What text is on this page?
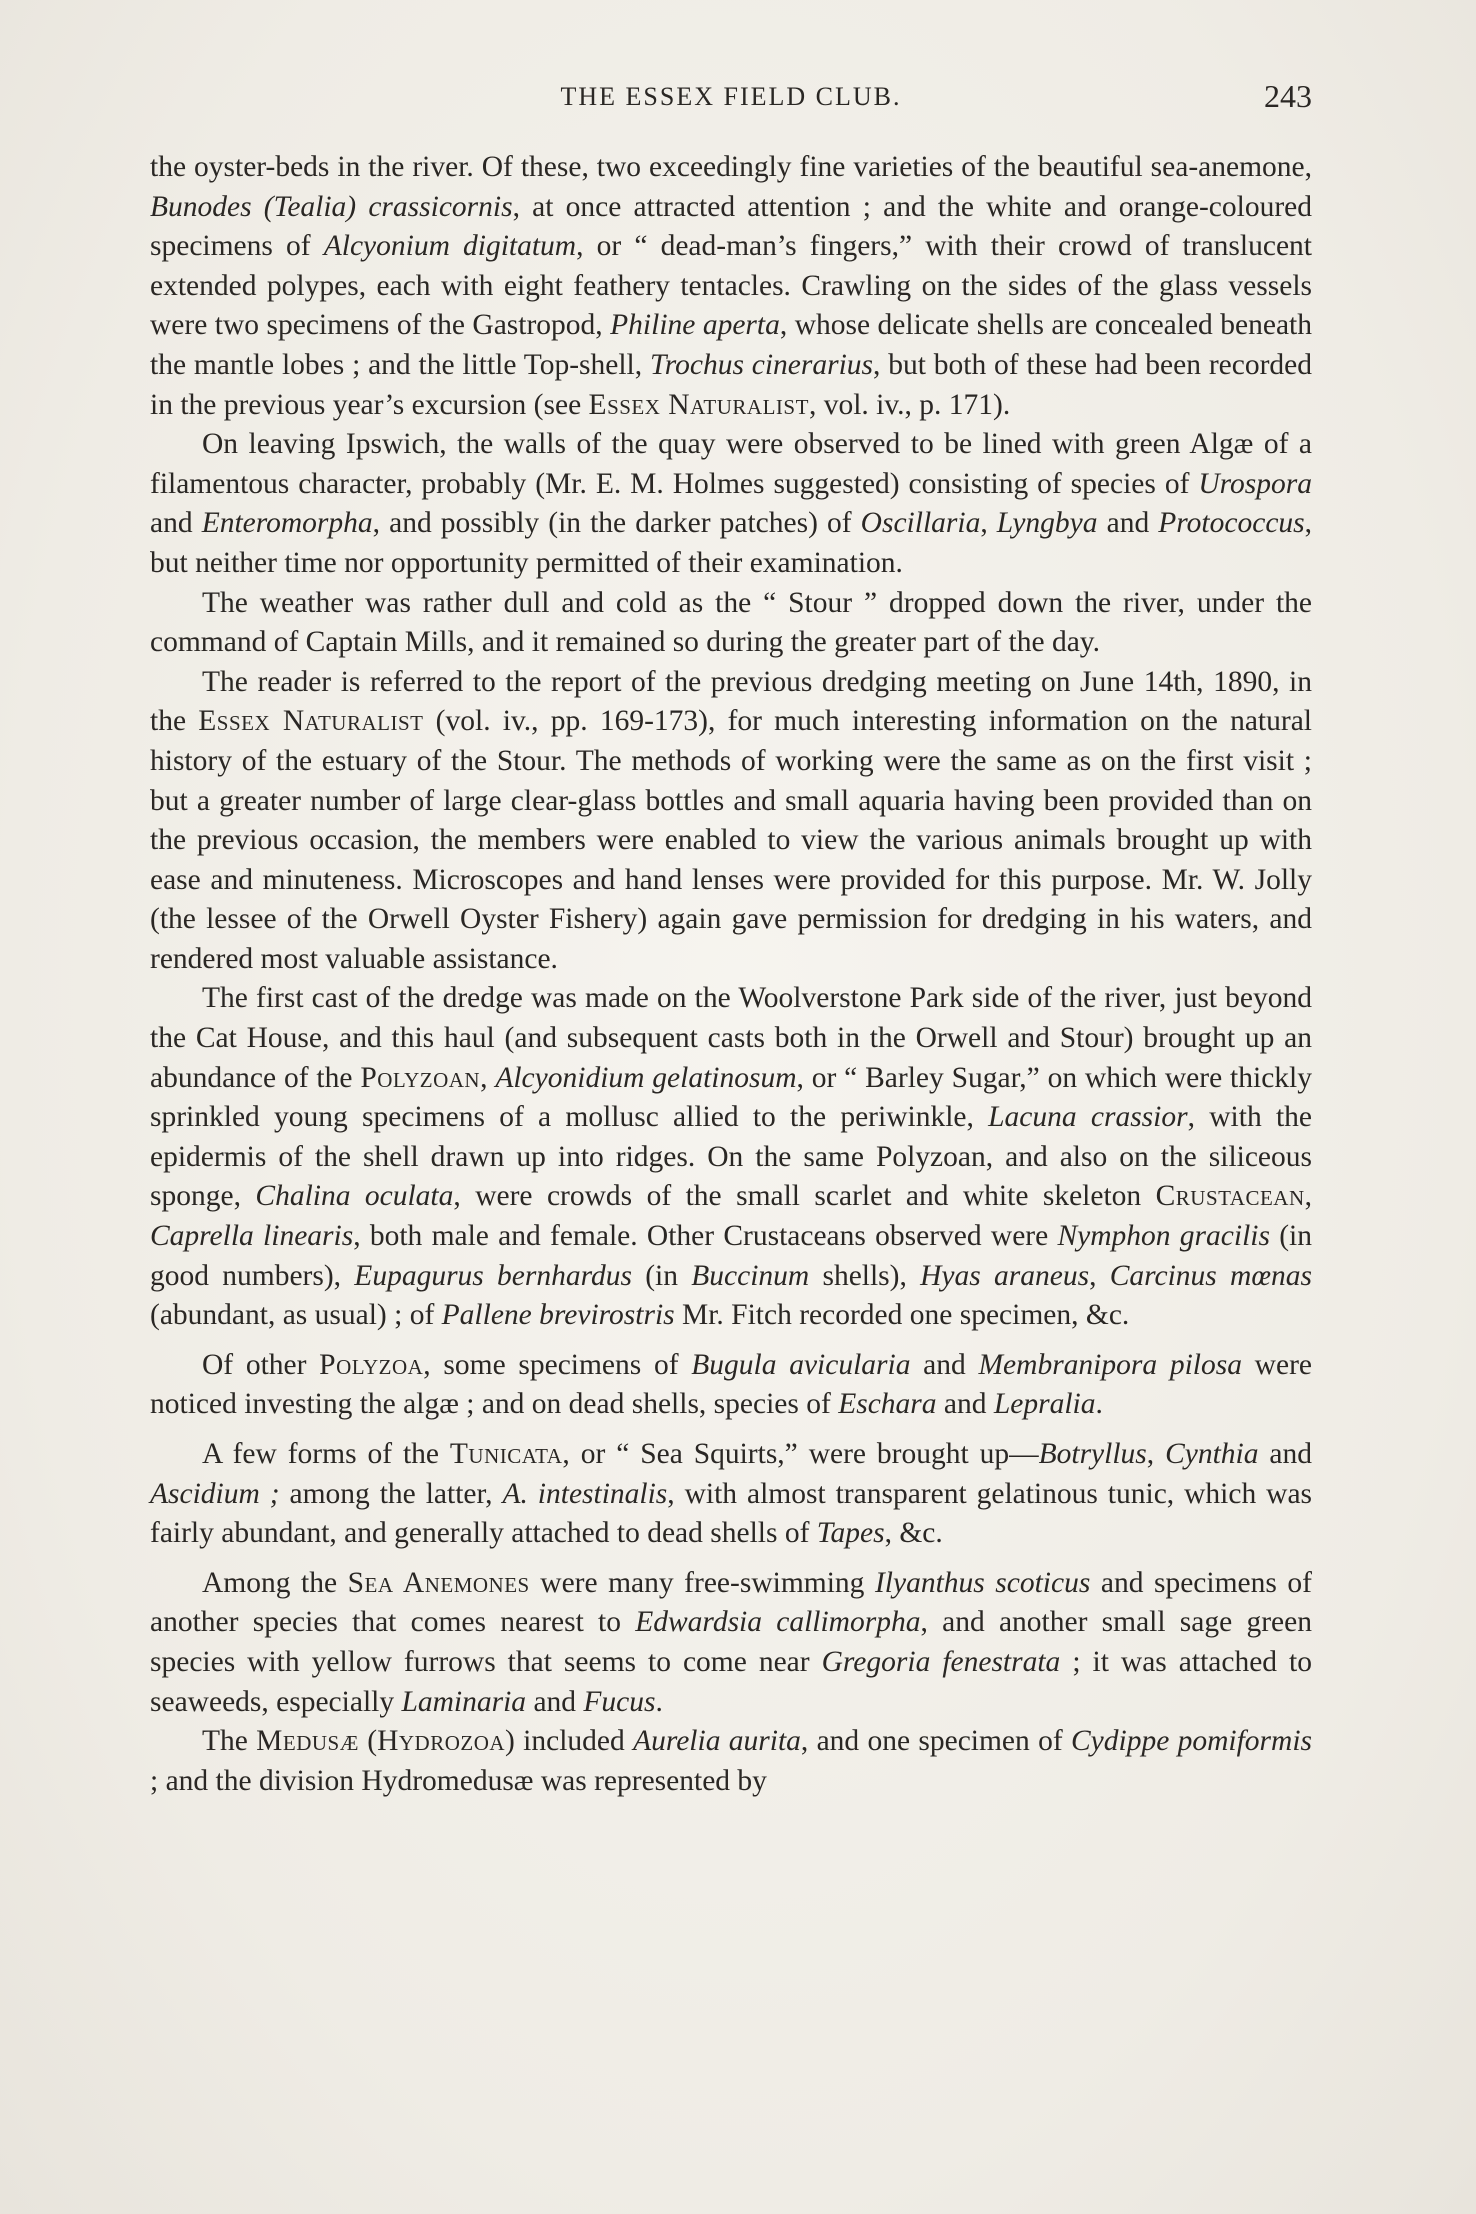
THE ESSEX FIELD CLUB.	243

the oyster-beds in the river. Of these, two exceedingly fine varieties of the beautiful sea-anemone, Bunodes (Tealia) crassicornis, at once attracted attention ; and the white and orange-coloured specimens of Alcyonium digitatum, or “ dead-man’s fingers,” with their crowd of translucent extended polypes, each with eight feathery tentacles. Crawling on the sides of the glass vessels were two specimens of the Gastropod, Philine aperta, whose delicate shells are concealed beneath the mantle lobes ; and the little Top-shell, Trochus cinerarius, but both of these had been recorded in the previous year’s excursion (see Essex Naturalist, vol. iv., p. 171).

On leaving Ipswich, the walls of the quay were observed to be lined with green Algæ of a filamentous character, probably (Mr. E. M. Holmes suggested) consisting of species of Urospora and Enteromorpha, and possibly (in the darker patches) of Oscillaria, Lyngbya and Protococcus, but neither time nor opportunity permitted of their examination.

The weather was rather dull and cold as the “ Stour ” dropped down the river, under the command of Captain Mills, and it remained so during the greater part of the day.

The reader is referred to the report of the previous dredging meeting on June 14th, 1890, in the Essex Naturalist (vol. iv., pp. 169-173), for much interesting information on the natural history of the estuary of the Stour. The methods of working were the same as on the first visit ; but a greater number of large clear-glass bottles and small aquaria having been provided than on the previous occasion, the members were enabled to view the various animals brought up with ease and minuteness. Microscopes and hand lenses were provided for this purpose. Mr. W. Jolly (the lessee of the Orwell Oyster Fishery) again gave permission for dredging in his waters, and rendered most valuable assistance.

The first cast of the dredge was made on the Woolverstone Park side of the river, just beyond the Cat House, and this haul (and subsequent casts both in the Orwell and Stour) brought up an abundance of the Polyzoan, Alcyonidium gelatinosum, or “ Barley Sugar,” on which were thickly sprinkled young specimens of a mollusc allied to the periwinkle, Lacuna crassior, with the epidermis of the shell drawn up into ridges. On the same Polyzoan, and also on the siliceous sponge, Chalina oculata, were crowds of the small scarlet and white skeleton Crustacean, Caprella linearis, both male and female. Other Crustaceans observed were Nymphon gracilis (in good numbers), Eupagurus bernhardus (in Buccinum shells), Hyas araneus, Carcinus mœnas (abundant, as usual) ; of Pallene brevirostris Mr. Fitch recorded one specimen, &c.

Of other Polyzoa, some specimens of Bugula avicularia and Membranipora pilosa were noticed investing the algæ ; and on dead shells, species of Eschara and Lepralia.

A few forms of the Tunicata, or “ Sea Squirts,” were brought up—Botryllus, Cynthia and Ascidium ; among the latter, A. intestinalis, with almost transparent gelatinous tunic, which was fairly abundant, and generally attached to dead shells of Tapes, &c.

Among the Sea Anemones were many free-swimming Ilyanthus scoticus and specimens of another species that comes nearest to Edwardsia callimorpha, and another small sage green species with yellow furrows that seems to come near Gregoria fenestrata ; it was attached to seaweeds, especially Laminaria and Fucus.

The Medusæ (Hydrozoa) included Aurelia aurita, and one specimen of Cydippe pomiformis ; and the division Hydromedusæ was represented by
